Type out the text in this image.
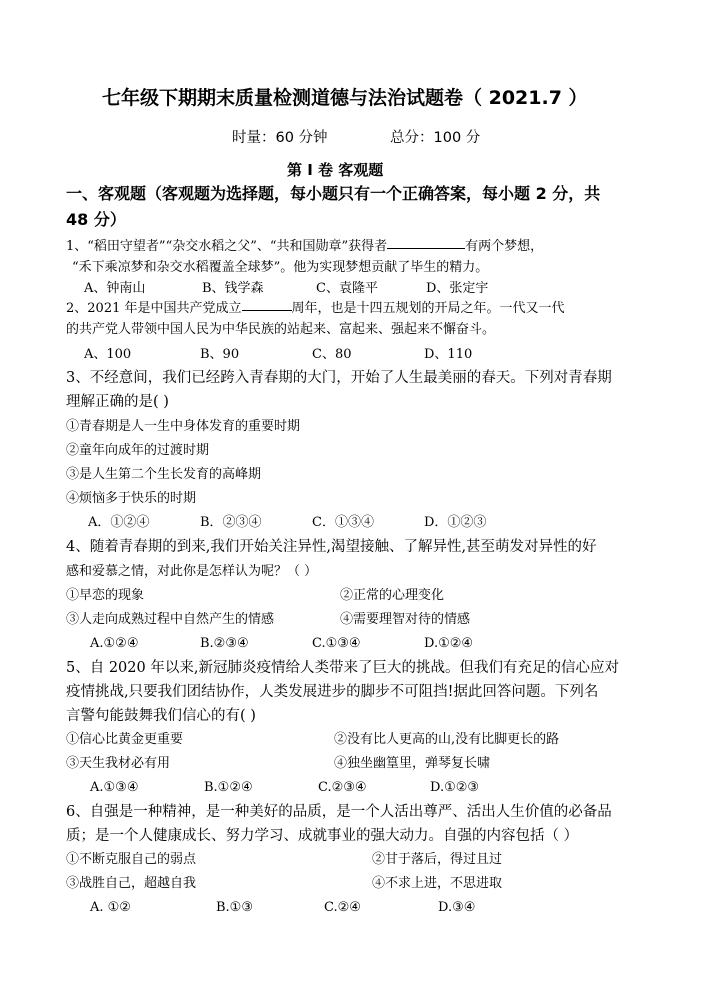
七年级下期期末质量检测道德与法治试题卷（ 2021.7 ）
时量：60 分钟	总分：100 分
第 I 卷 客观题
一、客观题（客观题为选择题，每小题只有一个正确答案，每小题 2 分，共
48 分）
1、“稻田守望者”“杂交水稻之父”、“共和国勋章”获得者	有两个梦想，
“禾下乘凉梦和杂交水稻覆盖全球梦”。他为实现梦想贡献了毕生的精力。
A、钟南山	B、钱学森	C、袁隆平	D、张定宇
2、2021 年是中国共产党成立	周年，也是十四五规划的开局之年。一代又一代
的共产党人带领中国人民为中华民族的站起来、富起来、强起来不懈奋斗。
A、100	B、90	C、80	D、110
3、不经意间，我们已经跨入青春期的大门，开始了人生最美丽的春天。下列对青春期
理解正确的是( )
①青春期是人一生中身体发育的重要时期
②童年向成年的过渡时期
③是人生第二个生长发育的高峰期
④烦恼多于快乐的时期
A．①②④	B．②③④	C．①③④	D．①②③
4、随着青春期的到来,我们开始关注异性,渴望接触、了解异性,甚至萌发对异性的好
感和爱慕之情，对此你是怎样认为呢？（ ）
①早恋的现象	②正常的心理变化
③人走向成熟过程中自然产生的情感	④需要理智对待的情感
A.①②④	B.②③④	C.①③④	D.①②④
5、自 2020 年以来,新冠肺炎疫情给人类带来了巨大的挑战。但我们有充足的信心应对
疫情挑战,只要我们团结协作，人类发展进步的脚步不可阻挡!据此回答问题。下列名
言警句能鼓舞我们信心的有( )
①信心比黄金更重要	②没有比人更高的山,没有比脚更长的路
③天生我材必有用	④独坐幽篁里，弹琴复长啸
A.①③④	B.①②④	C.②③④	D.①②③
6、自强是一种精神，是一种美好的品质，是一个人活出尊严、活出人生价值的必备品
质；是一个人健康成长、努力学习、成就事业的强大动力。自强的内容包括（ ）
①不断克服自己的弱点	②甘于落后，得过且过
③战胜自己，超越自我	④不求上进，不思进取
A. ①②	B.①③	C.②④	D.③④
